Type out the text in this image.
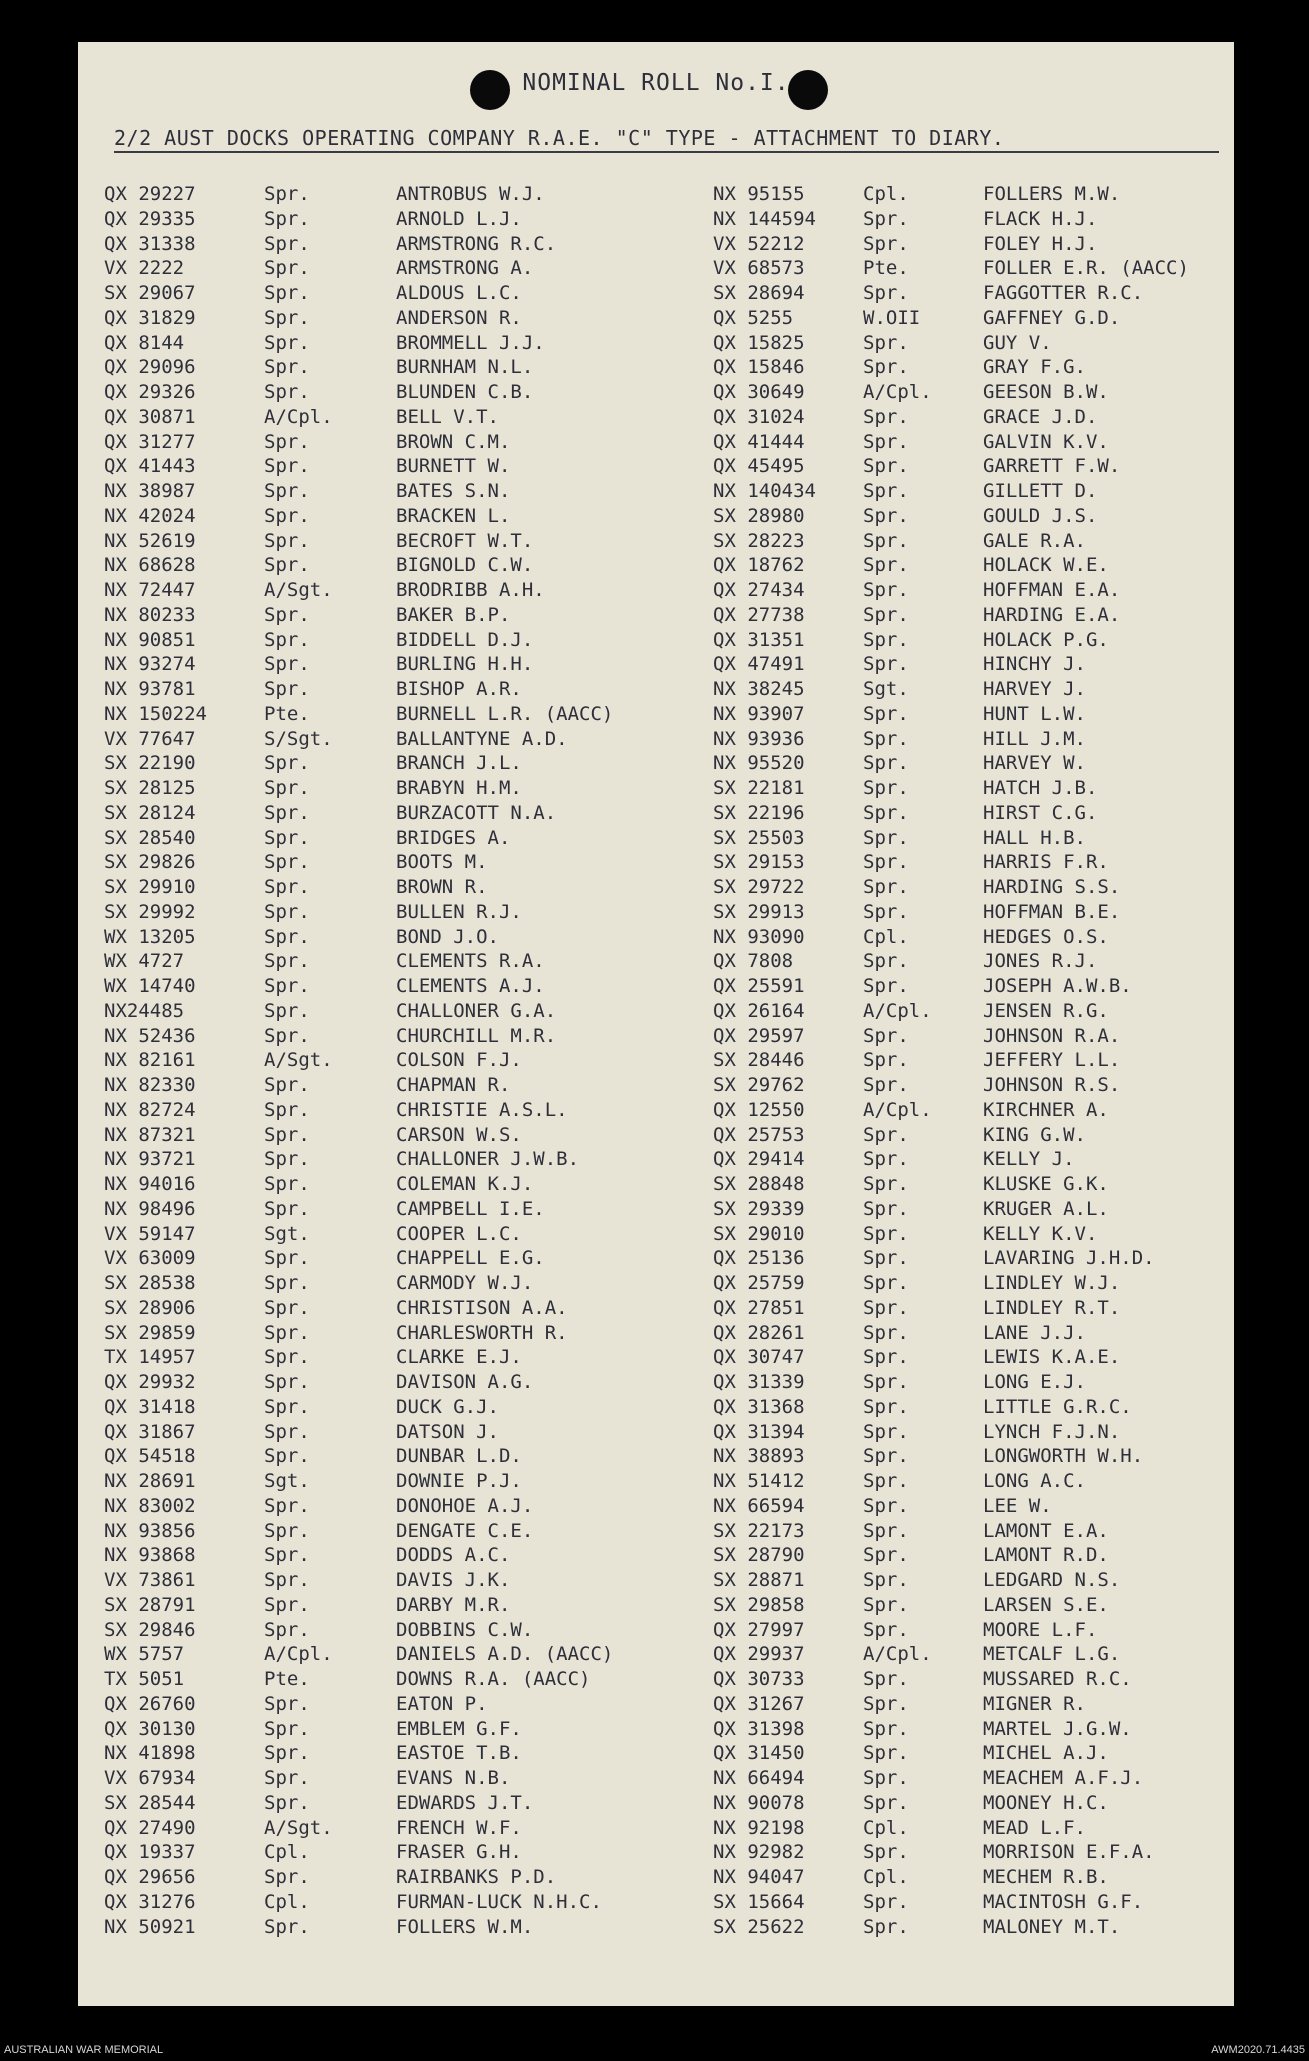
NOMINAL ROLL No.I.
2/2 AUST DOCKS OPERATING COMPANY R.A.E. "C" TYPE - ATTACHMENT TO DIARY.
QX 29227	Spr.	ANTROBUS W.J.
QX 29335	Spr.	ARNOLD L.J.
QX 31338	Spr.	ARMSTRONG R.C.
VX 2222	Spr.	ARMSTRONG A.
SX 29067	Spr.	ALDOUS L.C.
QX 31829	Spr.	ANDERSON R.
QX 8144	Spr.	BROMMELL J.J.
QX 29096	Spr.	BURNHAM N.L.
QX 29326	Spr.	BLUNDEN C.B.
QX 30871	A/Cpl.	BELL V.T.
QX 31277	Spr.	BROWN C.M.
QX 41443	Spr.	BURNETT W.
NX 38987	Spr.	BATES S.N.
NX 42024	Spr.	BRACKEN L.
NX 52619	Spr.	BECROFT W.T.
NX 68628	Spr.	BIGNOLD C.W.
NX 72447	A/Sgt.	BRODRIBB A.H.
NX 80233	Spr.	BAKER B.P.
NX 90851	Spr.	BIDDELL D.J.
NX 93274	Spr.	BURLING H.H.
NX 93781	Spr.	BISHOP A.R.
NX 150224	Pte.	BURNELL L.R. (AACC)
VX 77647	S/Sgt.	BALLANTYNE A.D.
SX 22190	Spr.	BRANCH J.L.
SX 28125	Spr.	BRABYN H.M.
SX 28124	Spr.	BURZACOTT N.A.
SX 28540	Spr.	BRIDGES A.
SX 29826	Spr.	BOOTS M.
SX 29910	Spr.	BROWN R.
SX 29992	Spr.	BULLEN R.J.
WX 13205	Spr.	BOND J.O.
WX 4727	Spr.	CLEMENTS R.A.
WX 14740	Spr.	CLEMENTS A.J.
NX24485	Spr.	CHALLONER G.A.
NX 52436	Spr.	CHURCHILL M.R.
NX 82161	A/Sgt.	COLSON F.J.
NX 82330	Spr.	CHAPMAN R.
NX 82724	Spr.	CHRISTIE A.S.L.
NX 87321	Spr.	CARSON W.S.
NX 93721	Spr.	CHALLONER J.W.B.
NX 94016	Spr.	COLEMAN K.J.
NX 98496	Spr.	CAMPBELL I.E.
VX 59147	Sgt.	COOPER L.C.
VX 63009	Spr.	CHAPPELL E.G.
SX 28538	Spr.	CARMODY W.J.
SX 28906	Spr.	CHRISTISON A.A.
SX 29859	Spr.	CHARLESWORTH R.
TX 14957	Spr.	CLARKE E.J.
QX 29932	Spr.	DAVISON A.G.
QX 31418	Spr.	DUCK G.J.
QX 31867	Spr.	DATSON J.
QX 54518	Spr.	DUNBAR L.D.
NX 28691	Sgt.	DOWNIE P.J.
NX 83002	Spr.	DONOHOE A.J.
NX 93856	Spr.	DENGATE C.E.
NX 93868	Spr.	DODDS A.C.
VX 73861	Spr.	DAVIS J.K.
SX 28791	Spr.	DARBY M.R.
SX 29846	Spr.	DOBBINS C.W.
WX 5757	A/Cpl.	DANIELS A.D. (AACC)
TX 5051	Pte.	DOWNS R.A. (AACC)
QX 26760	Spr.	EATON P.
QX 30130	Spr.	EMBLEM G.F.
NX 41898	Spr.	EASTOE T.B.
VX 67934	Spr.	EVANS N.B.
SX 28544	Spr.	EDWARDS J.T.
QX 27490	A/Sgt.	FRENCH W.F.
QX 19337	Cpl.	FRASER G.H.
QX 29656	Spr.	RAIRBANKS P.D.
QX 31276	Cpl.	FURMAN-LUCK N.H.C.
NX 50921	Spr.	FOLLERS W.M.
NX 95155	Cpl.	FOLLERS M.W.
NX 144594 Spr.	FLACK H.J.
VX 52212	Spr.	FOLEY H.J.
VX 68573	Pte.	FOLLER E.R. (AACC)
SX 28694	Spr.	FAGGOTTER R.C.
QX 5255	W.OII	GAFFNEY G.D.
QX 15825	Spr.	GUY V.
QX 15846	Spr.	GRAY F.G.
QX 30649	A/Cpl.	GEESON B.W.
QX 31024	Spr.	GRACE J.D.
QX 41444	Spr.	GALVIN K.V.
QX 45495	Spr.	GARRETT F.W.
NX 140434 Spr.	GILLETT D.
SX 28980	Spr.	GOULD J.S.
SX 28223	Spr.	GALE R.A.
QX 18762	Spr.	HOLACK W.E.
QX 27434	Spr.	HOFFMAN E.A.
QX 27738	Spr.	HARDING E.A.
QX 31351	Spr.	HOLACK P.G.
QX 47491	Spr.	HINCHY J.
NX 38245	Sgt.	HARVEY J.
NX 93907	Spr.	HUNT L.W.
NX 93936	Spr.	HILL J.M.
NX 95520	Spr.	HARVEY W.
SX 22181	Spr.	HATCH J.B.
SX 22196	Spr.	HIRST C.G.
SX 25503	Spr.	HALL H.B.
SX 29153	Spr.	HARRIS F.R.
SX 29722	Spr.	HARDING S.S.
SX 29913	Spr.	HOFFMAN B.E.
NX 93090	Cpl.	HEDGES O.S.
QX 7808	Spr.	JONES R.J.
QX 25591	Spr.	JOSEPH A.W.B.
QX 26164	A/Cpl.	JENSEN R.G.
QX 29597	Spr.	JOHNSON R.A.
SX 28446	Spr.	JEFFERY L.L.
SX 29762	Spr.	JOHNSON R.S.
QX 12550	A/Cpl.	KIRCHNER A.
QX 25753	Spr.	KING G.W.
QX 29414	Spr.	KELLY J.
SX 28848	Spr.	KLUSKE G.K.
SX 29339	Spr.	KRUGER A.L.
SX 29010	Spr.	KELLY K.V.
QX 25136	Spr.	LAVARING J.H.D.
QX 25759	Spr.	LINDLEY W.J.
QX 27851	Spr.	LINDLEY R.T.
QX 28261	Spr.	LANE J.J.
QX 30747	Spr.	LEWIS K.A.E.
QX 31339	Spr.	LONG E.J.
QX 31368	Spr.	LITTLE G.R.C.
QX 31394	Spr.	LYNCH F.J.N.
NX 38893	Spr.	LONGWORTH W.H.
NX 51412	Spr.	LONG A.C.
NX 66594	Spr.	LEE W.
SX 22173	Spr.	LAMONT E.A.
SX 28790	Spr.	LAMONT R.D.
SX 28871	Spr.	LEDGARD N.S.
SX 29858	Spr.	LARSEN S.E.
QX 27997	Spr.	MOORE L.F.
QX 29937	A/Cpl.	METCALF L.G.
QX 30733	Spr.	MUSSARED R.C.
QX 31267	Spr.	MIGNER R.
QX 31398	Spr.	MARTEL J.G.W.
QX 31450	Spr.	MICHEL A.J.
NX 66494	Spr.	MEACHEM A.F.J.
NX 90078	Spr.	MOONEY H.C.
NX 92198	Cpl.	MEAD L.F.
NX 92982	Spr.	MORRISON E.F.A.
NX 94047	Cpl.	MECHEM R.B.
SX 15664	Spr.	MACINTOSH G.F.
SX 25622	Spr.	MALONEY M.T.
AUSTRALIAN WAR MEMORIAL	AWM2020.71.4435
